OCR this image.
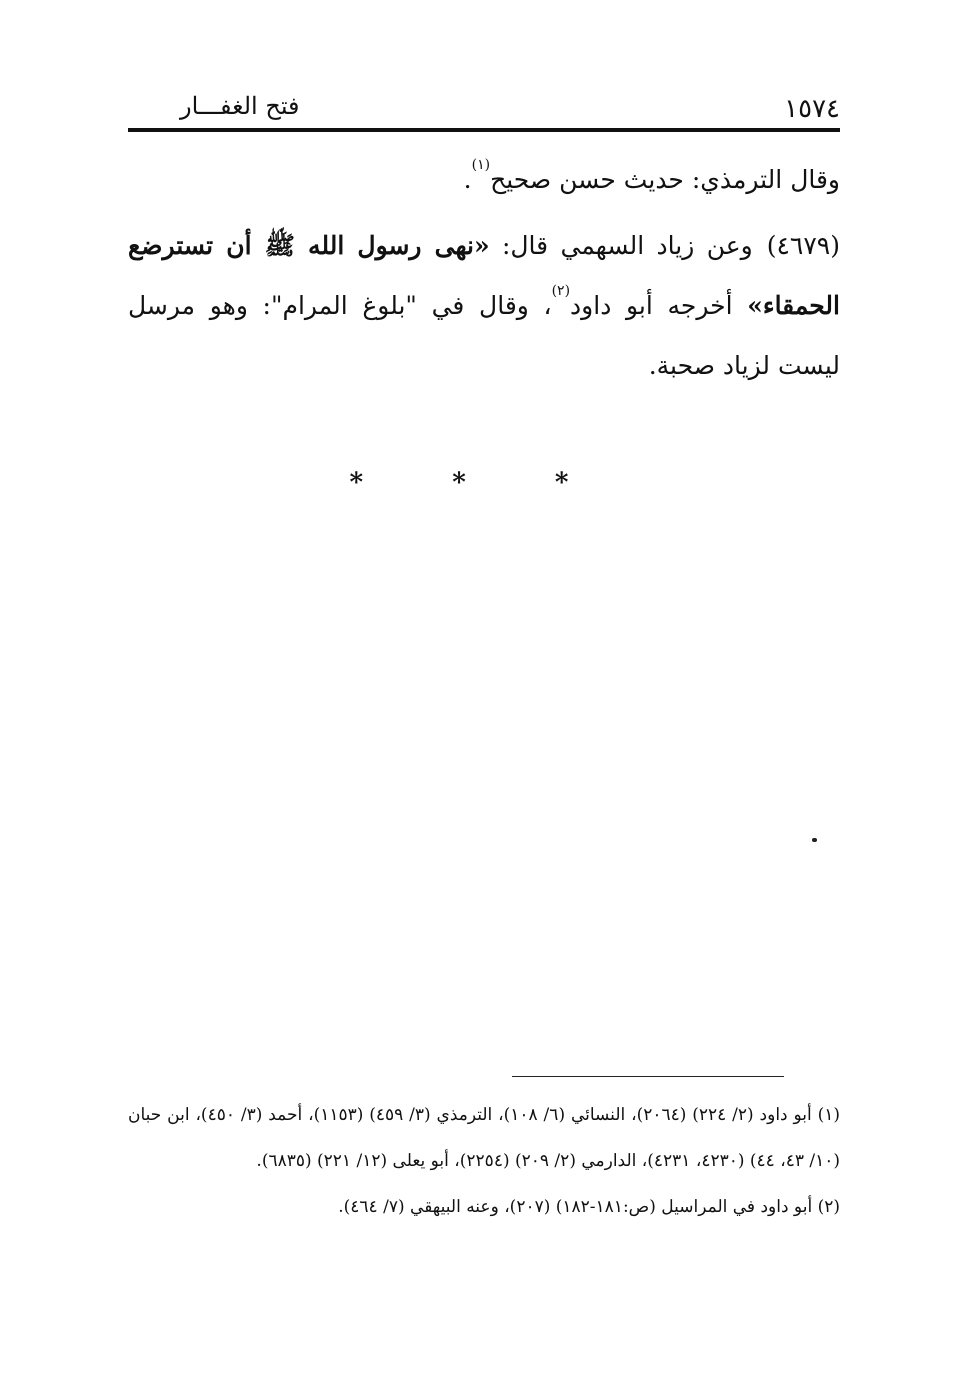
١٥٧٤
فتح الغفـــار

وقال الترمذي: حديث حسن صحيح$^{(١)}$.

(٤٦٧٩)وعن زياد السهمي قال: «نهى رسول الله ﷺ أن تسترضع الحمقاء» أخرجه أبو داود$^{(٢)}$، وقال في "بلوغ المرام": وهو مرسل ليست لزياد صحبة.

* * *

(١) أبو داود (٢/ ٢٢٤) (٢٠٦٤)، النسائي (٦/ ١٠٨)، الترمذي (٣/ ٤٥٩) (١١٥٣)، أحمد (٣/ ٤٥٠)، ابن حبان (١٠/ ٤٣، ٤٤) (٤٢٣٠، ٤٢٣١)، الدارمي (٢/ ٢٠٩) (٢٢٥٤)، أبو يعلى (١٢/ ٢٢١) (٦٨٣٥).

(٢) أبو داود في المراسيل (ص:١٨١-١٨٢) (٢٠٧)، وعنه البيهقي (٧/ ٤٦٤).
